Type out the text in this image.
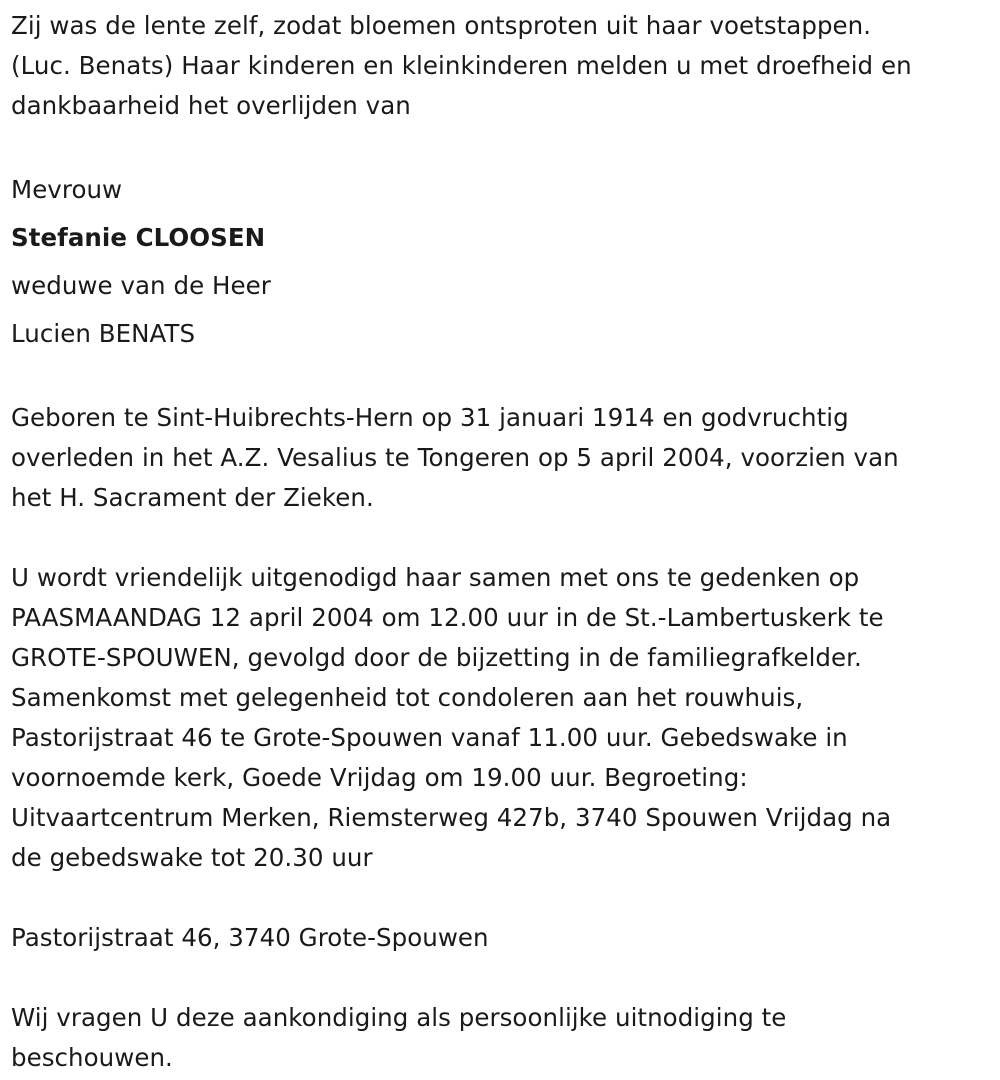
Zij was de lente zelf, zodat bloemen ontsproten uit haar voetstappen.
(Luc. Benats) Haar kinderen en kleinkinderen melden u met droefheid en
dankbaarheid het overlijden van
Mevrouw
Stefanie CLOOSEN
weduwe van de Heer
Lucien BENATS
Geboren te Sint-Huibrechts-Hern op 31 januari 1914 en godvruchtig
overleden in het A.Z. Vesalius te Tongeren op 5 april 2004, voorzien van
het H. Sacrament der Zieken.
U wordt vriendelijk uitgenodigd haar samen met ons te gedenken op
PAASMAANDAG 12 april 2004 om 12.00 uur in de St.-Lambertuskerk te
GROTE-SPOUWEN, gevolgd door de bijzetting in de familiegrafkelder.
Samenkomst met gelegenheid tot condoleren aan het rouwhuis,
Pastorijstraat 46 te Grote-Spouwen vanaf 11.00 uur. Gebedswake in
voornoemde kerk, Goede Vrijdag om 19.00 uur. Begroeting:
Uitvaartcentrum Merken, Riemsterweg 427b, 3740 Spouwen Vrijdag na
de gebedswake tot 20.30 uur
Pastorijstraat 46, 3740 Grote-Spouwen
Wij vragen U deze aankondiging als persoonlijke uitnodiging te
beschouwen.
